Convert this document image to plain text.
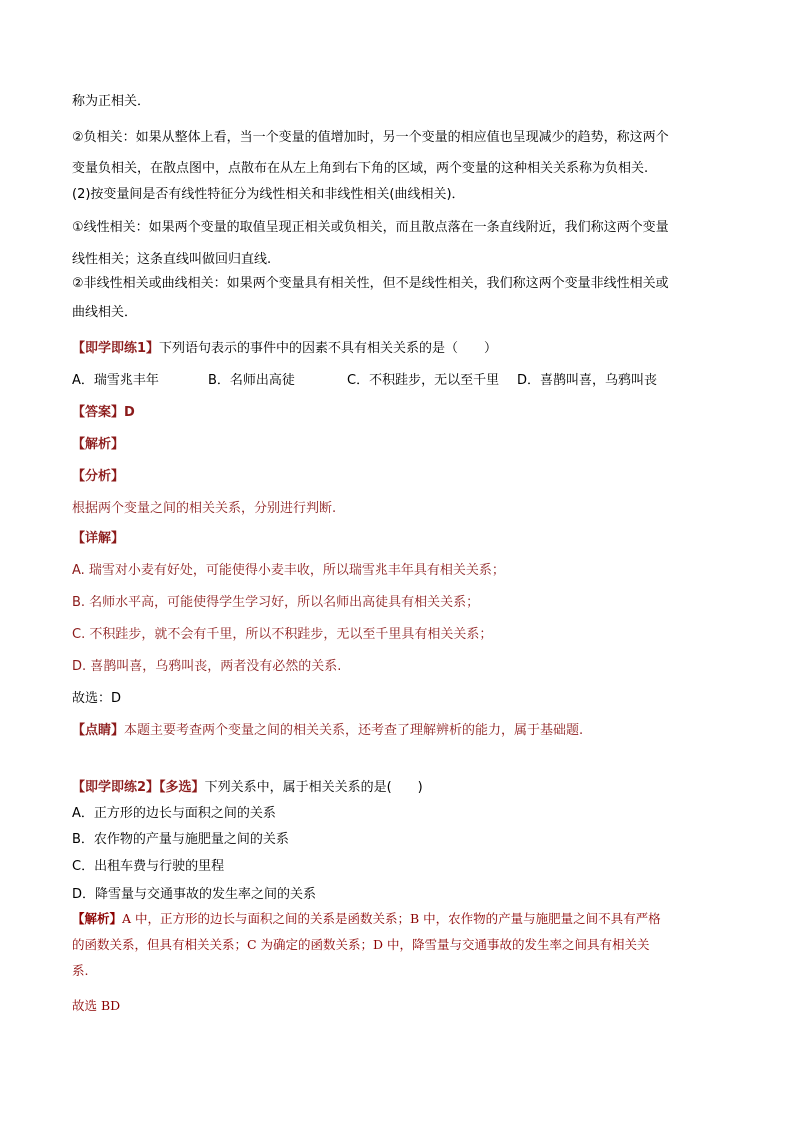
称为正相关．
②负相关：如果从整体上看，当一个变量的值增加时，另一个变量的相应值也呈现减少的趋势，称这两个
变量负相关，在散点图中，点散布在从左上角到右下角的区域，两个变量的这种相关关系称为负相关.
(2)按变量间是否有线性特征分为线性相关和非线性相关(曲线相关)．
①线性相关：如果两个变量的取值呈现正相关或负相关，而且散点落在一条直线附近，我们称这两个变量
线性相关；这条直线叫做回归直线.
②非线性相关或曲线相关：如果两个变量具有相关性，但不是线性相关，我们称这两个变量非线性相关或
曲线相关．
【即学即练1】下列语句表示的事件中的因素不具有相关关系的是（　　）
A．瑞雪兆丰年	B．名师出高徒	C．不积跬步，无以至千里 D．喜鹊叫喜，乌鸦叫丧
【答案】D
【解析】
【分析】
根据两个变量之间的相关关系，分别进行判断.
【详解】
A. 瑞雪对小麦有好处，可能使得小麦丰收，所以瑞雪兆丰年具有相关关系；
B. 名师水平高，可能使得学生学习好，所以名师出高徒具有相关关系；
C. 不积跬步，就不会有千里，所以不积跬步，无以至千里具有相关关系；
D. 喜鹊叫喜，乌鸦叫丧，两者没有必然的关系.
故选：D
【点睛】本题主要考查两个变量之间的相关关系，还考查了理解辨析的能力，属于基础题.
【即学即练2】【多选】下列关系中，属于相关关系的是(　　)
A．正方形的边长与面积之间的关系
B．农作物的产量与施肥量之间的关系
C．出租车费与行驶的里程
D．降雪量与交通事故的发生率之间的关系
【解析】A 中，正方形的边长与面积之间的关系是函数关系；B 中，农作物的产量与施肥量之间不具有严格
的函数关系，但具有相关关系；C 为确定的函数关系；D 中，降雪量与交通事故的发生率之间具有相关关
系.
故选 BD
